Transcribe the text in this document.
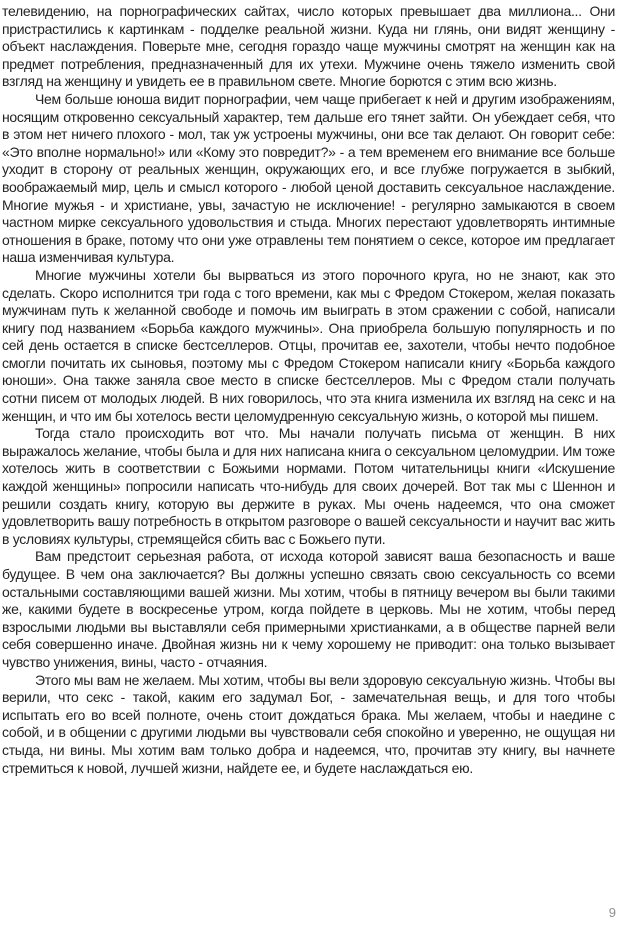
телевидению, на порнографических сайтах, число которых превышает два миллиона... Они пристрастились к картинкам - подделке реальной жизни. Куда ни глянь, они видят женщину - объект наслаждения. Поверьте мне, сегодня гораздо чаще мужчины смотрят на женщин как на предмет потребления, предназначенный для их утехи. Мужчине очень тяжело изменить свой взгляд на женщину и увидеть ее в правильном свете. Многие борются с этим всю жизнь.

Чем больше юноша видит порнографии, чем чаще прибегает к ней и другим изображениям, носящим откровенно сексуальный характер, тем дальше его тянет зайти. Он убеждает себя, что в этом нет ничего плохого - мол, так уж устроены мужчины, они все так делают. Он говорит себе: «Это вполне нормально!» или «Кому это повредит?» - а тем временем его внимание все больше уходит в сторону от реальных женщин, окружающих его, и все глубже погружается в зыбкий, воображаемый мир, цель и смысл которого - любой ценой доставить сексуальное наслаждение. Многие мужья - и христиане, увы, зачастую не исключение! - регулярно замыкаются в своем частном мирке сексуального удовольствия и стыда. Многих перестают удовлетворять интимные отношения в браке, потому что они уже отравлены тем понятием о сексе, которое им предлагает наша изменчивая культура.

Многие мужчины хотели бы вырваться из этого порочного круга, но не знают, как это сделать. Скоро исполнится три года с того времени, как мы с Фредом Стокером, желая показать мужчинам путь к желанной свободе и помочь им выиграть в этом сражении с собой, написали книгу под названием «Борьба каждого мужчины». Она приобрела большую популярность и по сей день остается в списке бестселлеров. Отцы, прочитав ее, захотели, чтобы нечто подобное смогли почитать их сыновья, поэтому мы с Фредом Стокером написали книгу «Борьба каждого юноши». Она также заняла свое место в списке бестселлеров. Мы с Фредом стали получать сотни писем от молодых людей. В них говорилось, что эта книга изменила их взгляд на секс и на женщин, и что им бы хотелось вести целомудренную сексуальную жизнь, о которой мы пишем.

Тогда стало происходить вот что. Мы начали получать письма от женщин. В них выражалось желание, чтобы была и для них написана книга о сексуальном целомудрии. Им тоже хотелось жить в соответствии с Божьими нормами. Потом читательницы книги «Искушение каждой женщины» попросили написать что-нибудь для своих дочерей. Вот так мы с Шеннон и решили создать книгу, которую вы держите в руках. Мы очень надеемся, что она сможет удовлетворить вашу потребность в открытом разговоре о вашей сексуальности и научит вас жить в условиях культуры, стремящейся сбить вас с Божьего пути.

Вам предстоит серьезная работа, от исхода которой зависят ваша безопасность и ваше будущее. В чем она заключается? Вы должны успешно связать свою сексуальность со всеми остальными составляющими вашей жизни. Мы хотим, чтобы в пятницу вечером вы были такими же, какими будете в воскресенье утром, когда пойдете в церковь. Мы не хотим, чтобы перед взрослыми людьми вы выставляли себя примерными христианками, а в обществе парней вели себя совершенно иначе. Двойная жизнь ни к чему хорошему не приводит: она только вызывает чувство унижения, вины, часто - отчаяния.

Этого мы вам не желаем. Мы хотим, чтобы вы вели здоровую сексуальную жизнь. Чтобы вы верили, что секс - такой, каким его задумал Бог, - замечательная вещь, и для того чтобы испытать его во всей полноте, очень стоит дождаться брака. Мы желаем, чтобы и наедине с собой, и в общении с другими людьми вы чувствовали себя спокойно и уверенно, не ощущая ни стыда, ни вины. Мы хотим вам только добра и надеемся, что, прочитав эту книгу, вы начнете стремиться к новой, лучшей жизни, найдете ее, и будете наслаждаться ею.

9
